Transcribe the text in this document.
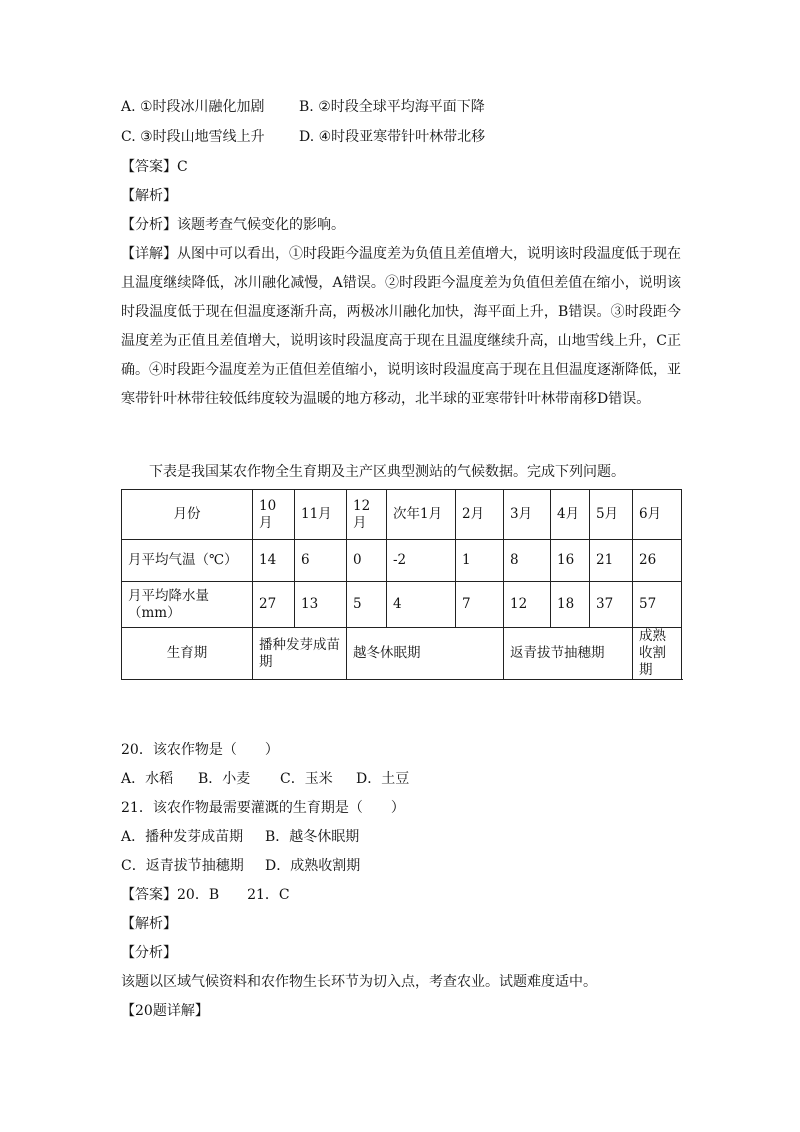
A. ①时段冰川融化加剧 B. ②时段全球平均海平面下降
C. ③时段山地雪线上升 D. ④时段亚寒带针叶林带北移
【答案】C
【解析】
【分析】该题考查气候变化的影响。
【详解】从图中可以看出，①时段距今温度差为负值且差值增大，说明该时段温度低于现在且温度继续降低，冰川融化减慢，A错误。②时段距今温度差为负值但差值在缩小，说明该时段温度低于现在但温度逐渐升高，两极冰川融化加快，海平面上升，B错误。③时段距今温度差为正值且差值增大，说明该时段温度高于现在且温度继续升高，山地雪线上升，C正确。④时段距今温度差为正值但差值缩小，说明该时段温度高于现在且但温度逐渐降低，亚寒带针叶林带往较低纬度较为温暖的地方移动，北半球的亚寒带针叶林带南移D错误。
下表是我国某农作物全生育期及主产区典型测站的气候数据。完成下列问题。
月份	10月	11月	12月	次年1月	2月	3月	4月	5月	6月
月平均气温（℃）	14	6	0	-2	1	8	16	21	26
月平均降水量（mm）	27	13	5	4	7	12	18	37	57
生育期	播种发芽成苗期		越冬休眠期			返青拔节抽穗期			成熟收割期
20．该农作物是（　　）
A．水稻 B．小麦 C．玉米 D．土豆
21．该农作物最需要灌溉的生育期是（　　）
A．播种发芽成苗期 B．越冬休眠期
C．返青拔节抽穗期 D．成熟收割期
【答案】20．B　　21．C
【解析】
【分析】
该题以区域气候资料和农作物生长环节为切入点，考查农业。试题难度适中。
【20题详解】
